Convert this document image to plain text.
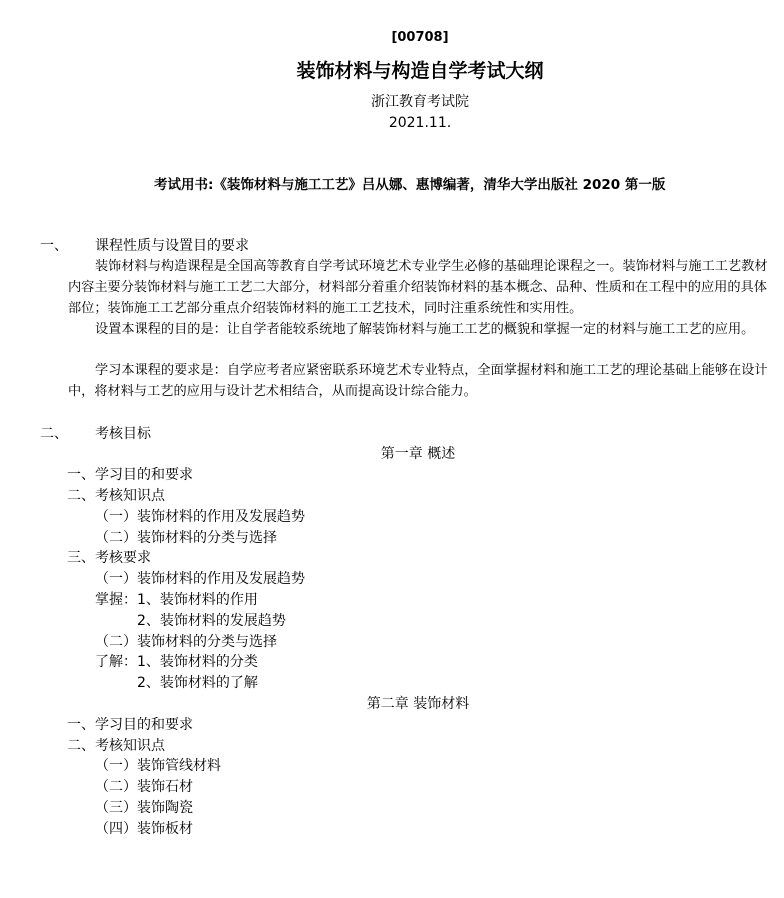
[00708]
装饰材料与构造自学考试大纲
浙江教育考试院
2021.11.
考试用书:《装饰材料与施工工艺》吕从娜、惠博编著，清华大学出版社 2020 第一版
一、 课程性质与设置目的要求
装饰材料与构造课程是全国高等教育自学考试环境艺术专业学生必修的基础理论课程之一。装饰材料与施工工艺教材内容主要分装饰材料与施工工艺二大部分，材料部分着重介绍装饰材料的基本概念、品种、性质和在工程中的应用的具体部位；装饰施工工艺部分重点介绍装饰材料的施工工艺技术，同时注重系统性和实用性。
设置本课程的目的是：让自学者能较系统地了解装饰材料与施工工艺的概貌和掌握一定的材料与施工工艺的应用。
学习本课程的要求是：自学应考者应紧密联系环境艺术专业特点，全面掌握材料和施工工艺的理论基础上能够在设计中，将材料与工艺的应用与设计艺术相结合，从而提高设计综合能力。
二、 考核目标
第一章 概述
一、学习目的和要求
二、考核知识点
（一）装饰材料的作用及发展趋势
（二）装饰材料的分类与选择
三、考核要求
（一）装饰材料的作用及发展趋势
掌握：1、装饰材料的作用
2、装饰材料的发展趋势
（二）装饰材料的分类与选择
了解：1、装饰材料的分类
2、装饰材料的了解
第二章 装饰材料
一、学习目的和要求
二、考核知识点
（一）装饰管线材料
（二）装饰石材
（三）装饰陶瓷
（四）装饰板材
